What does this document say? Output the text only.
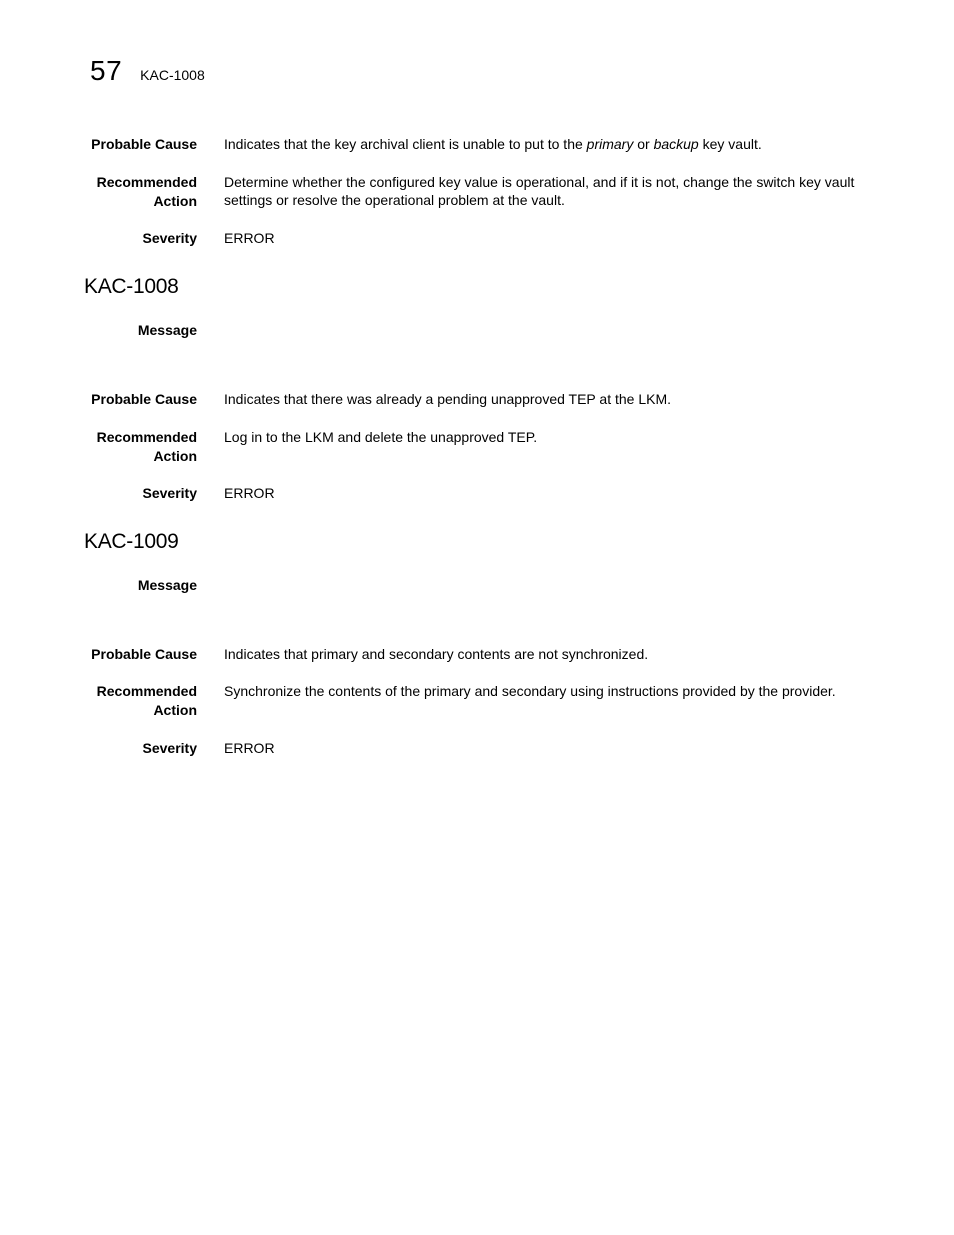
57 KAC-1008
Probable Cause Indicates that the key archival client is unable to put to the primary or backup key vault.
Recommended
Action
Determine whether the configured key value is operational, and if it is not, change the switch key vault settings or resolve the operational problem at the vault.
Severity ERROR
KAC-1008
Message
Probable Cause Indicates that there was already a pending unapproved TEP at the LKM.
Recommended
Action
Log in to the LKM and delete the unapproved TEP.
Severity ERROR
KAC-1009
Message
Probable Cause Indicates that primary and secondary contents are not synchronized.
Recommended
Action
Synchronize the contents of the primary and secondary using instructions provided by the provider.
Severity ERROR
